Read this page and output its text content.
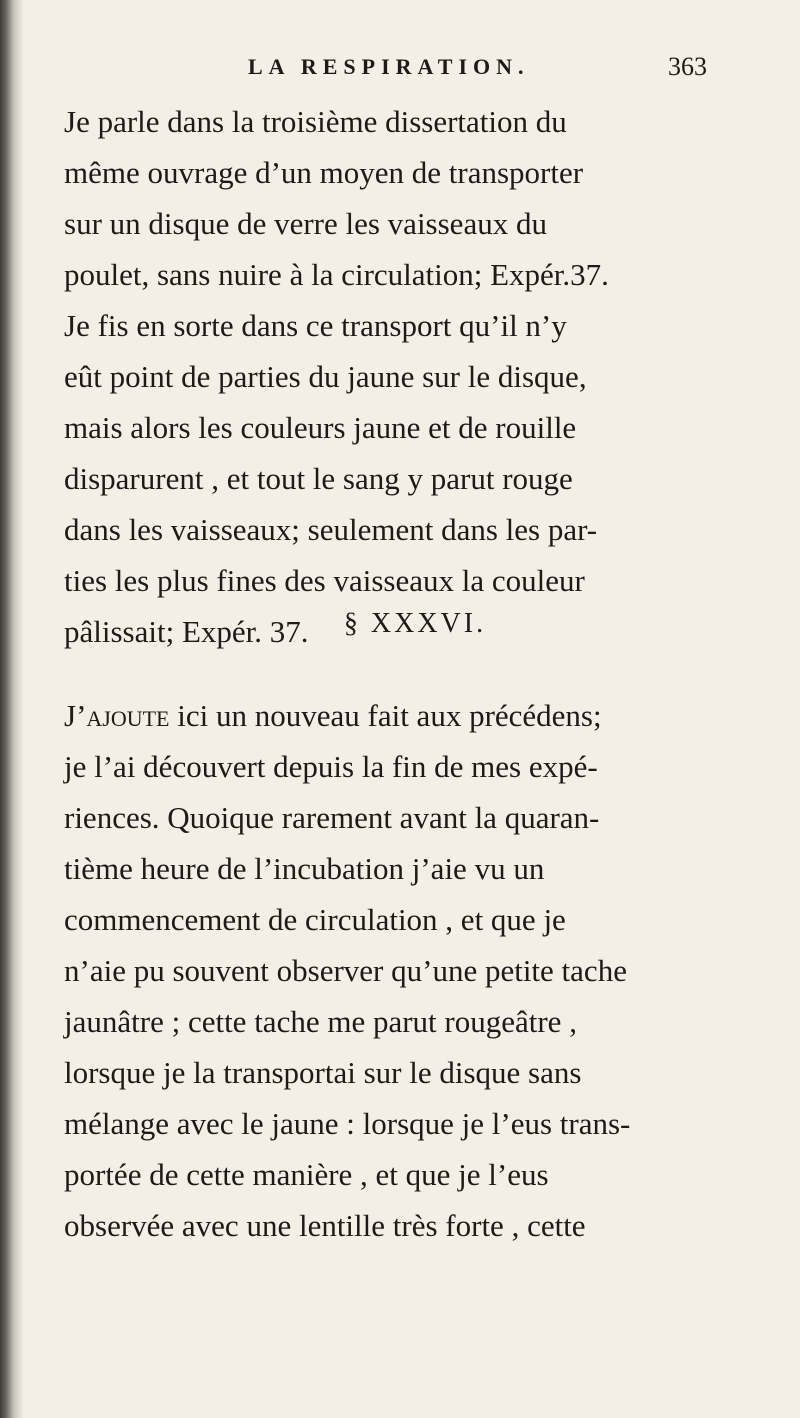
LA RESPIRATION.	363
Je parle dans la troisième dissertation du
même ouvrage d’un moyen de transporter
sur un disque de verre les vaisseaux du
poulet, sans nuire à la circulation; Expér.37.
Je fis en sorte dans ce transport qu’il n’y
eût point de parties du jaune sur le disque,
mais alors les couleurs jaune et de rouille
disparurent , et tout le sang y parut rouge
dans les vaisseaux; seulement dans les par-
ties les plus fines des vaisseaux la couleur
pâlissait; Expér. 37.	§ XXXVI.
J’ajoute ici un nouveau fait aux précédens;
je l’ai découvert depuis la fin de mes expé-
riences. Quoique rarement avant la quaran-
tième heure de l’incubation j’aie vu un
commencement de circulation , et que je
n’aie pu souvent observer qu’une petite tache
jaunâtre ; cette tache me parut rougeâtre ,
lorsque je la transportai sur le disque sans
mélange avec le jaune : lorsque je l’eus trans-
portée de cette manière , et que je l’eus
observée avec une lentille très forte , cette
